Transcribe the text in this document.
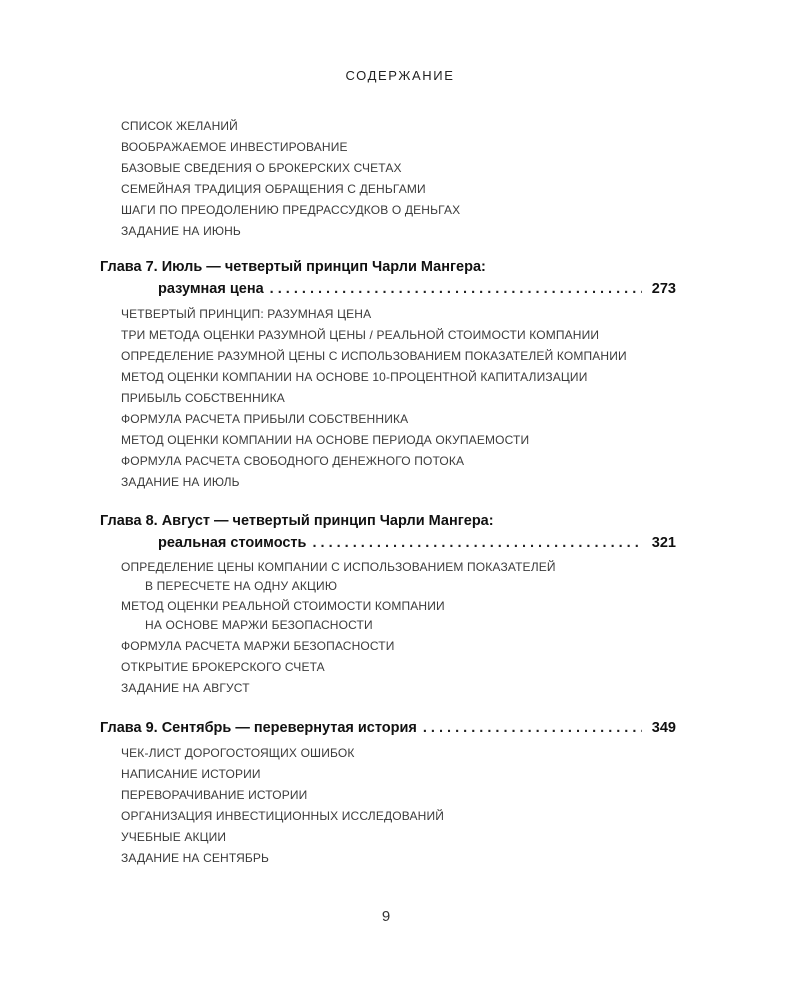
СОДЕРЖАНИЕ
СПИСОК ЖЕЛАНИЙ
ВООБРАЖАЕМОЕ ИНВЕСТИРОВАНИЕ
БАЗОВЫЕ СВЕДЕНИЯ О БРОКЕРСКИХ СЧЕТАХ
СЕМЕЙНАЯ ТРАДИЦИЯ ОБРАЩЕНИЯ С ДЕНЬГАМИ
ШАГИ ПО ПРЕОДОЛЕНИЮ ПРЕДРАССУДКОВ О ДЕНЬГАХ
ЗАДАНИЕ НА ИЮНЬ
Глава 7. Июль — четвертый принцип Чарли Мангера:
разумная цена . . .	273
ЧЕТВЕРТЫЙ ПРИНЦИП: РАЗУМНАЯ ЦЕНА
ТРИ МЕТОДА ОЦЕНКИ РАЗУМНОЙ ЦЕНЫ / РЕАЛЬНОЙ СТОИМОСТИ КОМПАНИИ
ОПРЕДЕЛЕНИЕ РАЗУМНОЙ ЦЕНЫ С ИСПОЛЬЗОВАНИЕМ ПОКАЗАТЕЛЕЙ КОМПАНИИ
МЕТОД ОЦЕНКИ КОМПАНИИ НА ОСНОВЕ 10-ПРОЦЕНТНОЙ КАПИТАЛИЗАЦИИ
ПРИБЫЛЬ СОБСТВЕННИКА
ФОРМУЛА РАСЧЕТА ПРИБЫЛИ СОБСТВЕННИКА
МЕТОД ОЦЕНКИ КОМПАНИИ НА ОСНОВЕ ПЕРИОДА ОКУПАЕМОСТИ
ФОРМУЛА РАСЧЕТА СВОБОДНОГО ДЕНЕЖНОГО ПОТОКА
ЗАДАНИЕ НА ИЮЛЬ
Глава 8. Август — четвертый принцип Чарли Мангера:
реальная стоимость . . .	321
ОПРЕДЕЛЕНИЕ ЦЕНЫ КОМПАНИИ С ИСПОЛЬЗОВАНИЕМ ПОКАЗАТЕЛЕЙ
В ПЕРЕСЧЕТЕ НА ОДНУ АКЦИЮ
МЕТОД ОЦЕНКИ РЕАЛЬНОЙ СТОИМОСТИ КОМПАНИИ
НА ОСНОВЕ МАРЖИ БЕЗОПАСНОСТИ
ФОРМУЛА РАСЧЕТА МАРЖИ БЕЗОПАСНОСТИ
ОТКРЫТИЕ БРОКЕРСКОГО СЧЕТА
ЗАДАНИЕ НА АВГУСТ
Глава 9. Сентябрь — перевернутая история . . .	349
ЧЕК-ЛИСТ ДОРОГОСТОЯЩИХ ОШИБОК
НАПИСАНИЕ ИСТОРИИ
ПЕРЕВОРАЧИВАНИЕ ИСТОРИИ
ОРГАНИЗАЦИЯ ИНВЕСТИЦИОННЫХ ИССЛЕДОВАНИЙ
УЧЕБНЫЕ АКЦИИ
ЗАДАНИЕ НА СЕНТЯБРЬ
9
